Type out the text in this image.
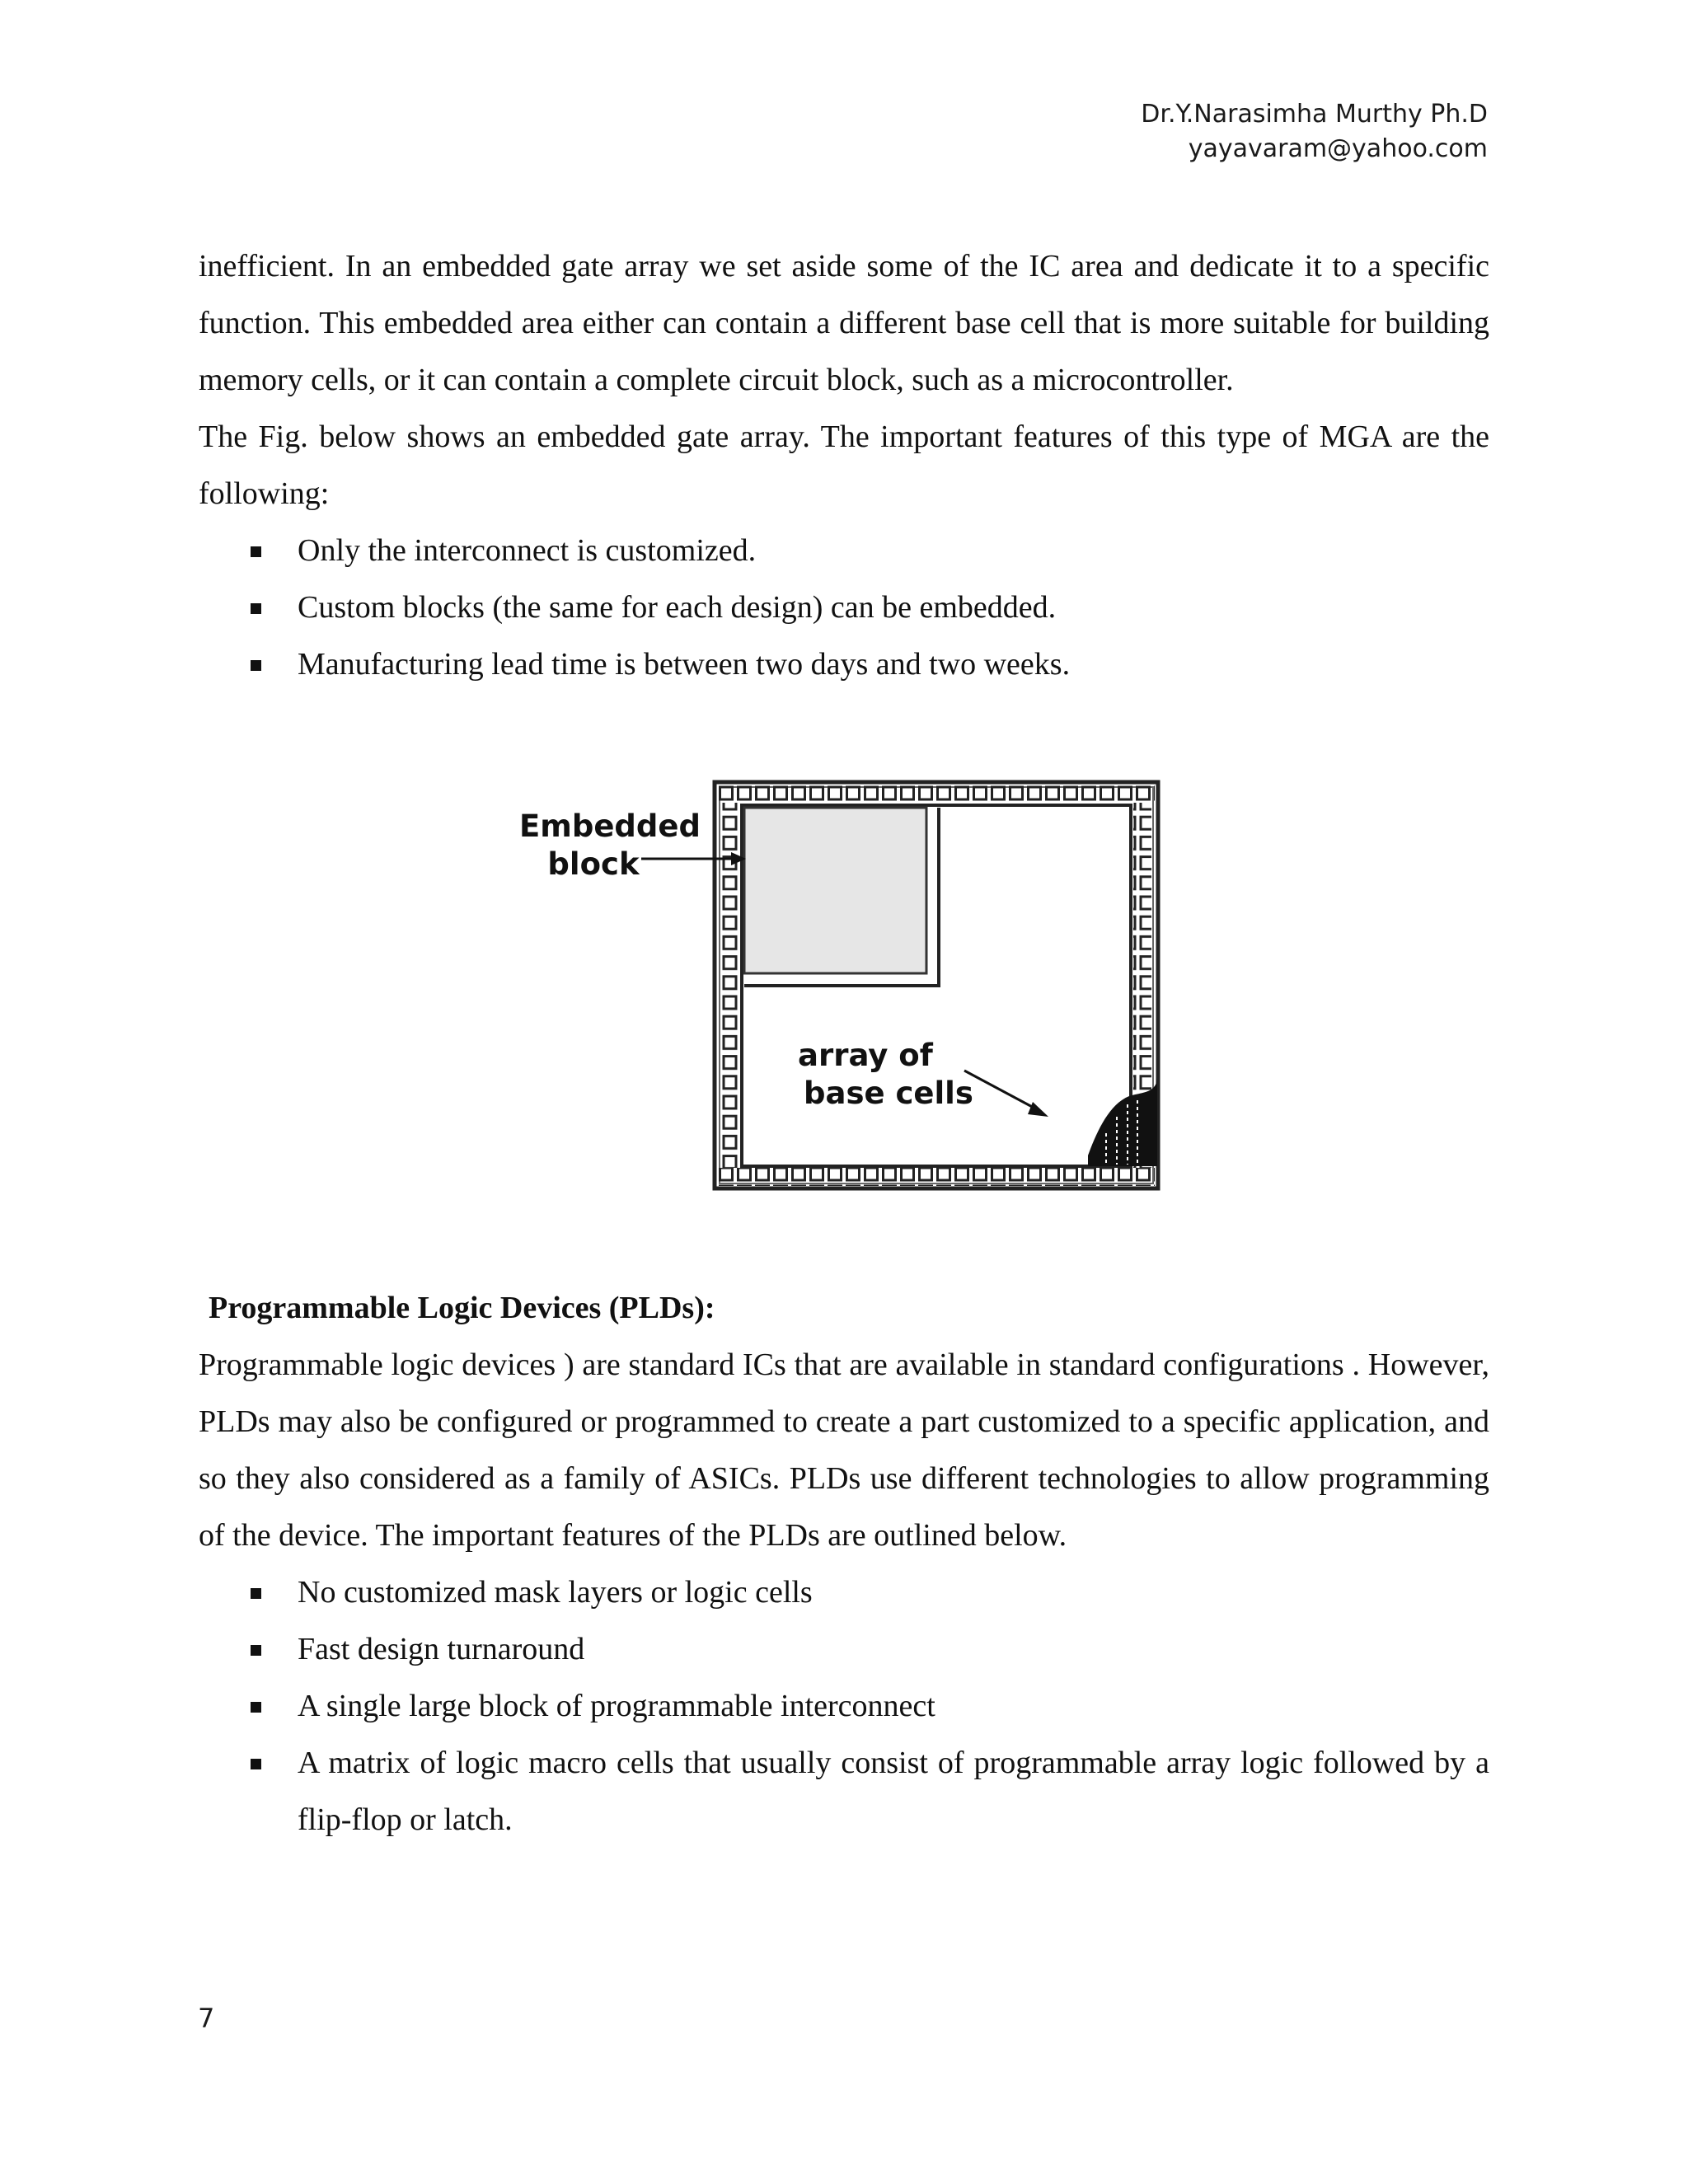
Dr.Y.Narasimha Murthy Ph.D
yayavaram@yahoo.com

inefficient. In an embedded gate array we set aside some of the IC area and dedicate it to a specific function. This embedded area either can contain a different base cell that is more suitable for building memory cells, or it can contain a complete circuit block, such as a microcontroller.

The Fig. below shows an embedded gate array. The important features of this type of MGA are the following:

Only the interconnect is customized.
Custom blocks (the same for each design) can be embedded.
Manufacturing lead time is between two days and two weeks.
Embedded
block
array of
base cells

Programmable Logic Devices (PLDs):

Programmable logic devices ) are standard ICs that are available in standard configurations . However, PLDs may also be configured or programmed to create a part customized to a specific application, and so they also considered as a family of ASICs. PLDs use different technologies to allow programming of the device. The important features of the PLDs are outlined below.

No customized mask layers or logic cells
Fast design turnaround
A single large block of programmable interconnect
A matrix of logic macro cells that usually consist of programmable array logic followed by a flip-flop or latch.
7
